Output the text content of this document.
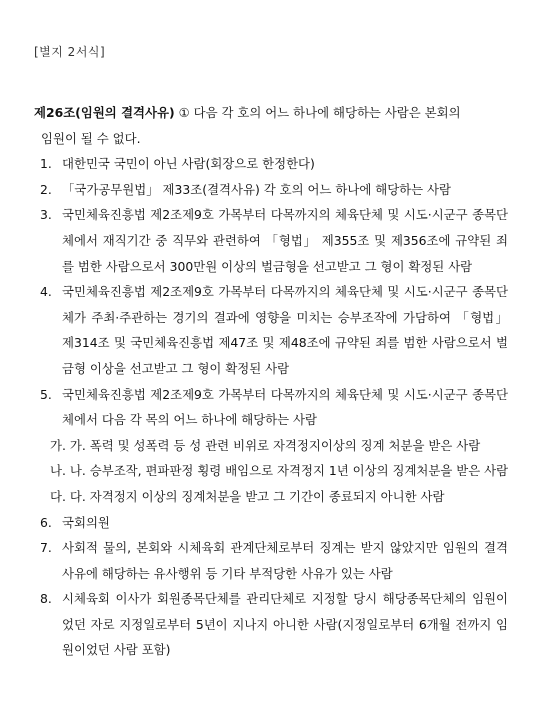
[별지 2서식]
제26조(임원의 결격사유) ① 다음 각 호의 어느 하나에 해당하는 사람은 본회의
임원이 될 수 없다.
1. 대한민국 국민이 아닌 사람(회장으로 한정한다)
2. 「국가공무원법」 제33조(결격사유) 각 호의 어느 하나에 해당하는 사람
3. 국민체육진흥법 제2조제9호 가목부터 다목까지의 체육단체 및 시도·시군구 종목단체에서 재직기간 중 직무와 관련하여 「형법」 제355조 및 제356조에 규약된 죄를 범한 사람으로서 300만원 이상의 벌금형을 선고받고 그 형이 확정된 사람
4. 국민체육진흥법 제2조제9호 가목부터 다목까지의 체육단체 및 시도·시군구 종목단체가 주최·주관하는 경기의 결과에 영향을 미치는 승부조작에 가담하여 「형법」 제314조 및 국민체육진흥법 제47조 및 제48조에 규약된 죄를 범한 사람으로서 벌금형 이상을 선고받고 그 형이 확정된 사람
5. 국민체육진흥법 제2조제9호 가목부터 다목까지의 체육단체 및 시도·시군구 종목단체에서 다음 각 목의 어느 하나에 해당하는 사람
가. 가. 폭력 및 성폭력 등 성 관련 비위로 자격정지이상의 징계 처분을 받은 사람
나. 나. 승부조작, 편파판정 횡령 배임으로 자격정지 1년 이상의 징계처분을 받은 사람
다. 다. 자격정지 이상의 징계처분을 받고 그 기간이 종료되지 아니한 사람
6. 국회의원
7. 사회적 물의, 본회와 시체육회 관계단체로부터 징계는 받지 않았지만 임원의 결격사유에 해당하는 유사행위 등 기타 부적당한 사유가 있는 사람
8. 시체육회 이사가 회원종목단체를 관리단체로 지정할 당시 해당종목단체의 임원이었던 자로 지정일로부터 5년이 지나지 아니한 사람(지정일로부터 6개월 전까지 임원이었던 사람 포함)
